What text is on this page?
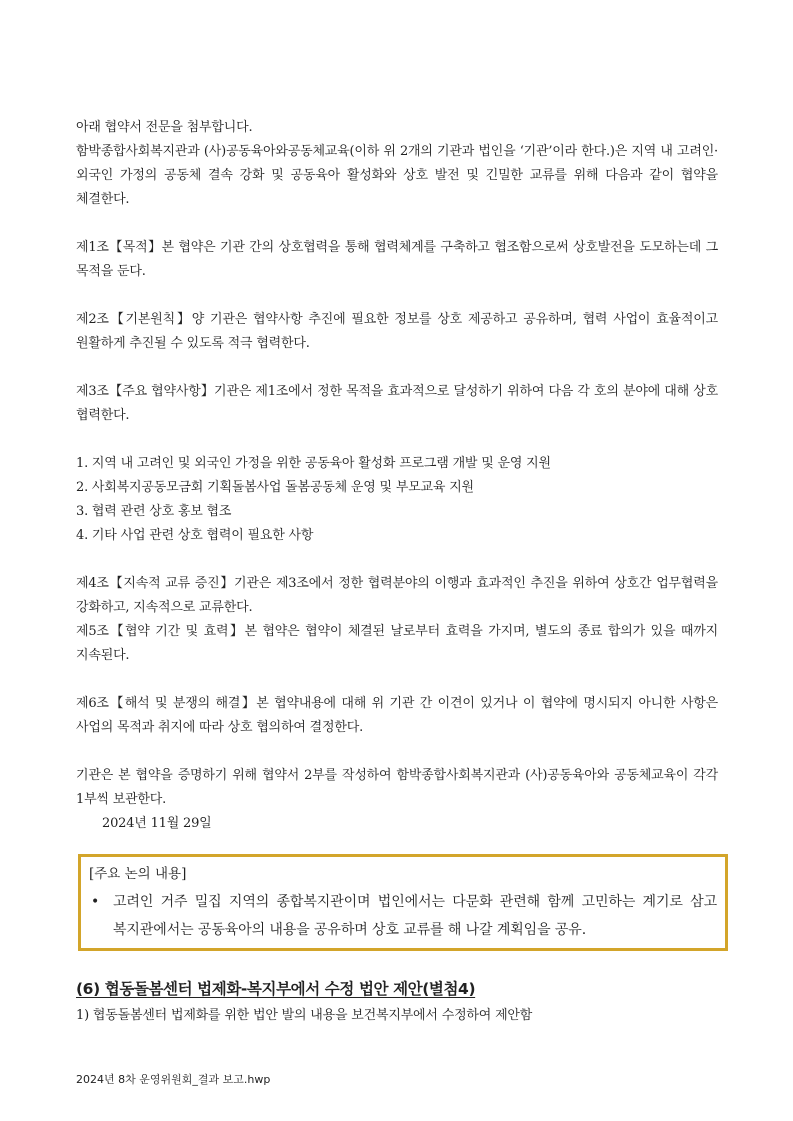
아래 협약서 전문을 첨부합니다.

함박종합사회복지관과 (사)공동육아와공동체교육(이하 위 2개의 기관과 법인을 ‘기관’이라 한다.)은 지역 내 고려인·외국인 가정의 공동체 결속 강화 및 공동육아 활성화와 상호 발전 및 긴밀한 교류를 위해 다음과 같이 협약을 체결한다.

제1조【목적】본 협약은 기관 간의 상호협력을 통해 협력체계를 구축하고 협조함으로써 상호발전을 도모하는데 그 목적을 둔다.

제2조【기본원칙】양 기관은 협약사항 추진에 필요한 정보를 상호 제공하고 공유하며, 협력 사업이 효율적이고 원활하게 추진될 수 있도록 적극 협력한다.

제3조【주요 협약사항】기관은 제1조에서 정한 목적을 효과적으로 달성하기 위하여 다음 각 호의 분야에 대해 상호 협력한다.

1. 지역 내 고려인 및 외국인 가정을 위한 공동육아 활성화 프로그램 개발 및 운영 지원

2. 사회복지공동모금회 기획돌봄사업 돌봄공동체 운영 및 부모교육 지원

3. 협력 관련 상호 홍보 협조

4. 기타 사업 관련 상호 협력이 필요한 사항

제4조【지속적 교류 증진】기관은 제3조에서 정한 협력분야의 이행과 효과적인 추진을 위하여 상호간 업무협력을 강화하고, 지속적으로 교류한다.

제5조【협약 기간 및 효력】본 협약은 협약이 체결된 날로부터 효력을 가지며, 별도의 종료 합의가 있을 때까지 지속된다.

제6조【해석 및 분쟁의 해결】본 협약내용에 대해 위 기관 간 이견이 있거나 이 협약에 명시되지 아니한 사항은 사업의 목적과 취지에 따라 상호 협의하여 결정한다.

기관은 본 협약을 증명하기 위해 협약서 2부를 작성하여 함박종합사회복지관과 (사)공동육아와 공동체교육이 각각 1부씩 보관한다.

2024년 11월 29일

[주요 논의 내용]

• 고려인 거주 밀집 지역의 종합복지관이며 법인에서는 다문화 관련해 함께 고민하는 계기로 삼고 복지관에서는 공동육아의 내용을 공유하며 상호 교류를 해 나갈 계획임을 공유.
(6) 협동돌봄센터 법제화-복지부에서 수정 법안 제안(별첨4)

1) 협동돌봄센터 법제화를 위한 법안 발의 내용을 보건복지부에서 수정하여 제안함

2024년 8차 운영위원회_결과 보고.hwp
